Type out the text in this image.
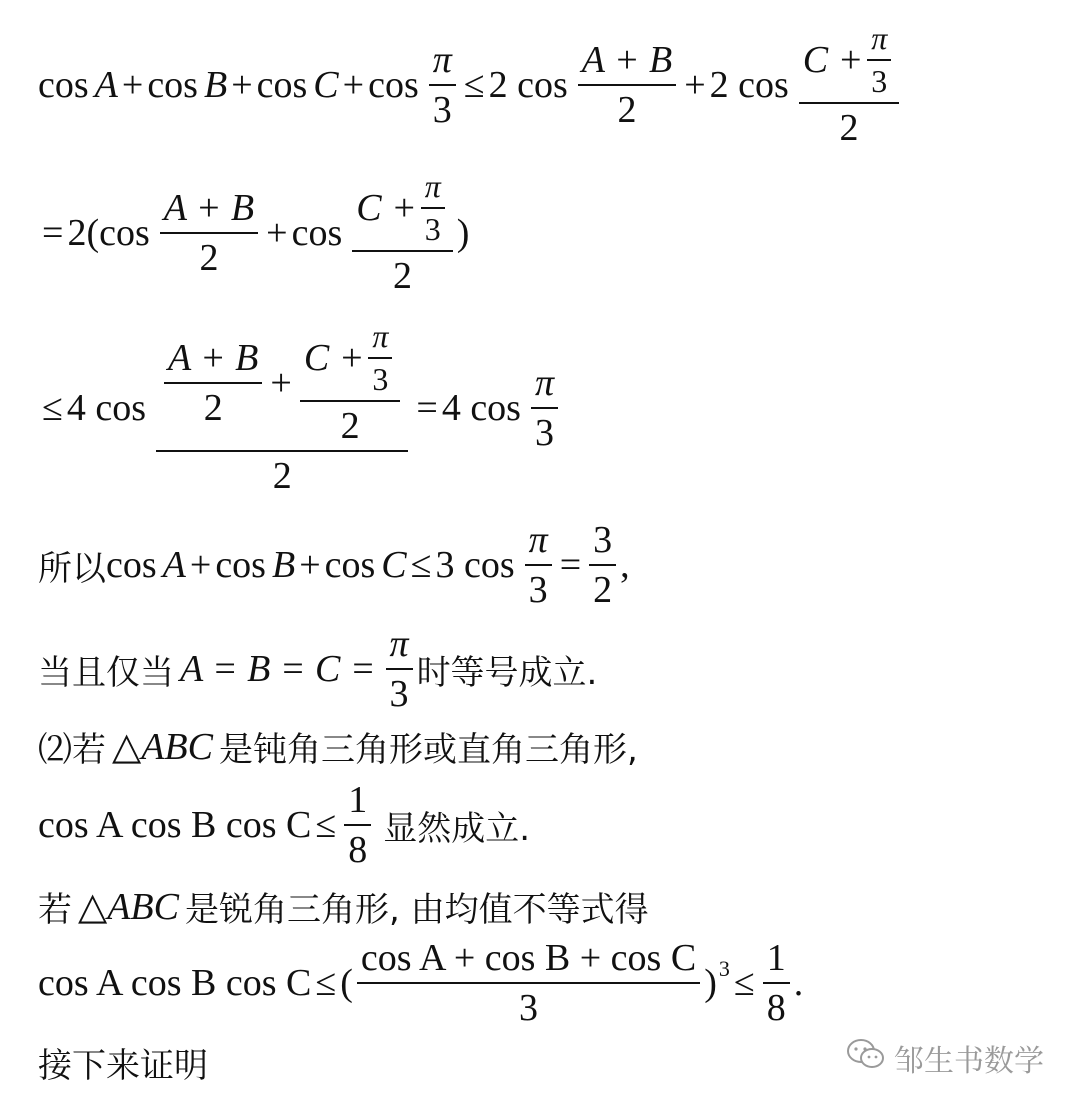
$\cos A + \cos B + \cos C + \cos \frac{\pi}{3} \le 2$ $\cos \frac{A + B}{2} + 2$ $\cos \frac{C + \frac{\pi}{3}}{2}$
= 2( $\cos \frac{A + B}{2} + \cos \frac{C + \frac{\pi}{3}}{2}$ )
≤ 4 $\cos \frac{\frac{A + B}{2} + \frac{C + \frac{\pi}{3}}{2}}{2} = 4$ $\cos \frac{\pi}{3}$
所以 cos A + cos B + cos C ≤ 3 $\cos \frac{\pi}{3} = \frac{3}{2}$ ,
当且仅当 $A = B = C = \frac{\pi}{3}$ 时等号成立.
⑵若 △ABC 是钝角三角形或直角三角形,
cos A cos B $\cos C \le \frac{1}{8}$ 显然成立.
若 △ABC 是锐角三角形, 由均值不等式得
cos A cos B cos C ≤ ( $\frac{\text{cos A + cos B + cos C}}{3}$ ) $3 \le \frac{1}{8}$ .
接下来证明	邹生书数学
